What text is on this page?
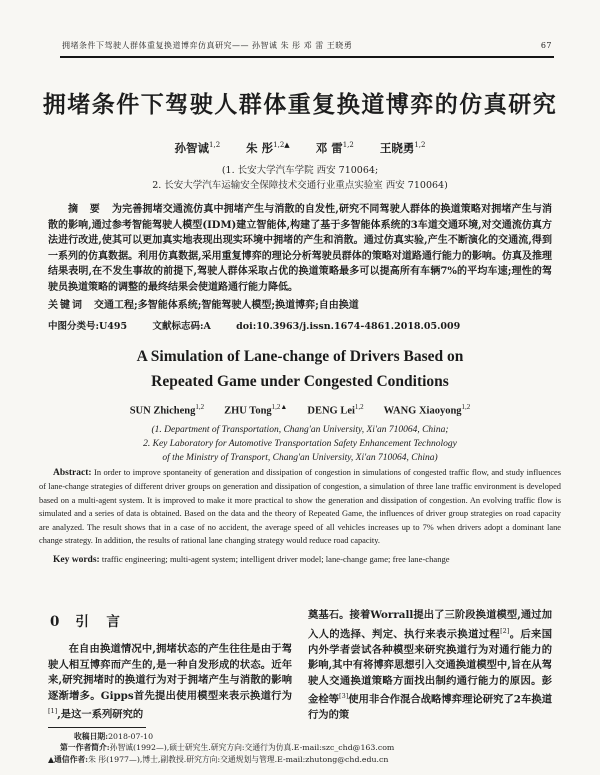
拥堵条件下驾驶人群体重复换道博弈仿真研究—— 孙智诚 朱 彤 邓 雷 王晓勇	67
拥堵条件下驾驶人群体重复换道博弈的仿真研究
孙智诚$^{1,2}$ 朱 彤$^{1,2▲}$ 邓 雷$^{1,2}$ 王晓勇$^{1,2}$
(1. 长安大学汽车学院 西安 710064;
2. 长安大学汽车运输安全保障技术交通行业重点实验室 西安 710064)

摘 要 为完善拥堵交通流仿真中拥堵产生与消散的自发性,研究不同驾驶人群体的换道策略对拥堵产生与消散的影响,通过参考智能驾驶人模型(IDM)建立智能体,构建了基于多智能体系统的3车道交通环境,对交通流仿真方法进行改进,使其可以更加真实地表现出现实环境中拥堵的产生和消散。通过仿真实验,产生不断演化的交通流,得到一系列的仿真数据。利用仿真数据,采用重复博弈的理论分析驾驶员群体的策略对道路通行能力的影响。仿真及推理结果表明,在不发生事故的前提下,驾驶人群体采取占优的换道策略最多可以提高所有车辆7%的平均车速;理性的驾驶员换道策略的调整的最终结果会使道路通行能力降低。

关键词 交通工程;多智能体系统;智能驾驶人模型;换道博弈;自由换道
中图分类号:U495	文献标志码:A	doi:10.3963/j.issn.1674-4861.2018.05.009
A Simulation of Lane-change of Drivers Based on
Repeated Game under Congested Conditions
SUN Zhicheng$^{1,2}$ ZHU Tong$^{1,2▲}$ DENG Lei$^{1,2}$ WANG Xiaoyong$^{1,2}$
(1. Department of Transportation, Chang'an University, Xi'an 710064, China;
2. Key Laboratory for Automotive Transportation Safety Enhancement Technology
of the Ministry of Transport, Chang'an University, Xi'an 710064, China)

Abstract: In order to improve spontaneity of generation and dissipation of congestion in simulations of congested traffic flow, and study influences of lane-change strategies of different driver groups on generation and dissipation of congestion, a simulation of three lane traffic environment is developed based on a multi-agent system. It is improved to make it more practical to show the generation and dissipation of congestion. An evolving traffic flow is simulated and a series of data is obtained. Based on the data and the theory of Repeated Game, the influences of driver group strategies on road capacity are analyzed. The result shows that in a case of no accident, the average speed of all vehicles increases up to 7% when drivers adopt a dominant lane change strategy. In addition, the results of rational lane changing strategy would reduce road capacity.

Key words: traffic engineering; multi-agent system; intelligent driver model; lane-change game; free lane-change
0 引　言

在自由换道情况中,拥堵状态的产生往往是由于驾驶人相互博弈而产生的,是一种自发形成的状态。近年来,研究拥堵时的换道行为对于拥堵产生与消散的影响逐渐增多。Gipps首先提出使用模型来表示换道行为[1],是这一系列研究的

奠基石。接着Worrall提出了三阶段换道模型,通过加入人的选择、判定、执行来表示换道过程[2]。后来国内外学者尝试各种模型来研究换道行为对通行能力的影响,其中有将博弈思想引入交通换道模型中,旨在从驾驶人交通换道策略方面找出制约通行能力的原因。彭金栓等[3]使用非合作混合战略博弈理论研究了2车换道行为的策

收稿日期:2018-07-10
第一作者简介:孙智诚(1992—),硕士研究生.研究方向:交通行为仿真.E-mail:szc_chd@163.com
▲通信作者:朱 彤(1977—),博士,副教授.研究方向:交通规划与管理.E-mail:zhutong@chd.edu.cn
